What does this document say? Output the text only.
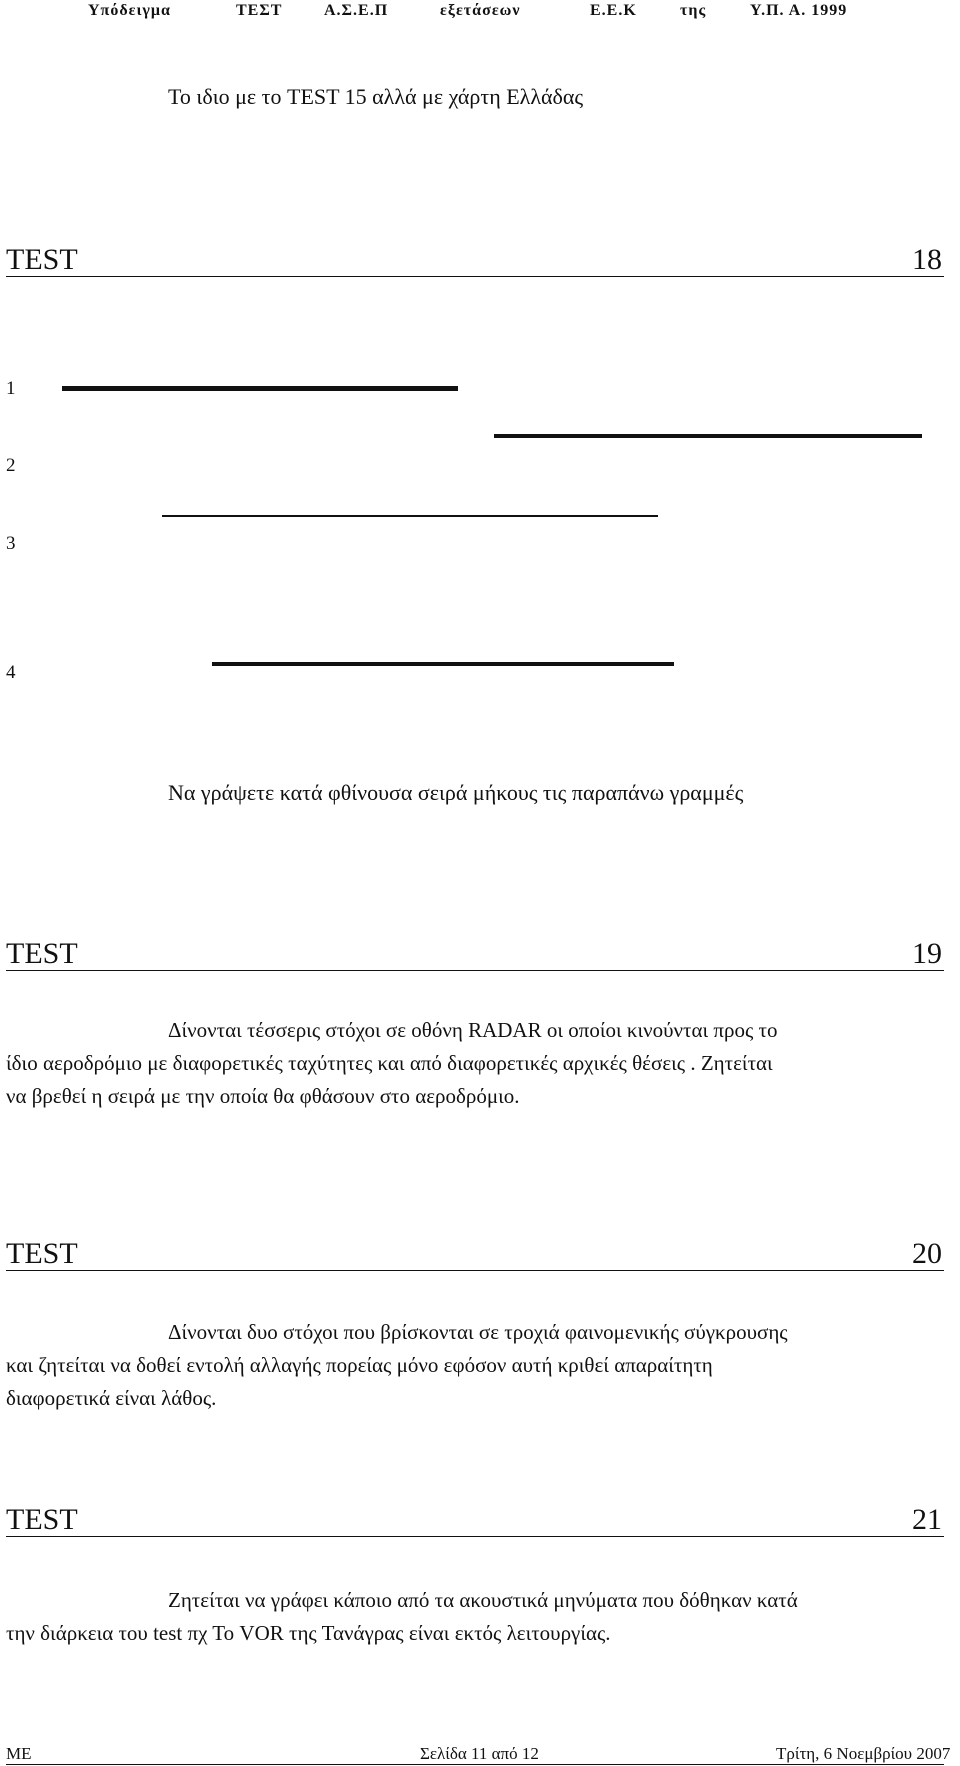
Υπόδειγμα	ΤΕΣΤ	Α.Σ.Ε.Π	εξετάσεων	Ε.Ε.Κ	της	Υ.Π. Α. 1999
Το ιδιο με το TEST 15 αλλά με χάρτη Ελλάδας
TEST	18
1
2
3
4
Να γράψετε κατά φθίνουσα σειρά μήκους τις παραπάνω γραμμές
TEST	19
Δίνονται τέσσερις στόχοι σε οθόνη RADAR οι οποίοι κινούνται προς το
ίδιο αεροδρόμιο με διαφορετικές ταχύτητες και από διαφορετικές αρχικές θέσεις . Ζητείται
να βρεθεί η σειρά με την οποία θα φθάσουν στο αεροδρόμιο.
TEST	20
Δίνονται δυο στόχοι που βρίσκονται σε τροχιά φαινομενικής σύγκρουσης
και ζητείται να δοθεί εντολή αλλαγής πορείας μόνο εφόσον αυτή κριθεί απαραίτητη
διαφορετικά είναι λάθος.
TEST	21
Ζητείται να γράφει κάποιο από τα ακουστικά μηνύματα που δόθηκαν κατά
την διάρκεια του test πχ Το VOR της Τανάγρας είναι εκτός λειτουργίας.
ΜΕ	Σελίδα 11 από 12	Τρίτη, 6 Νοεμβρίου 2007
